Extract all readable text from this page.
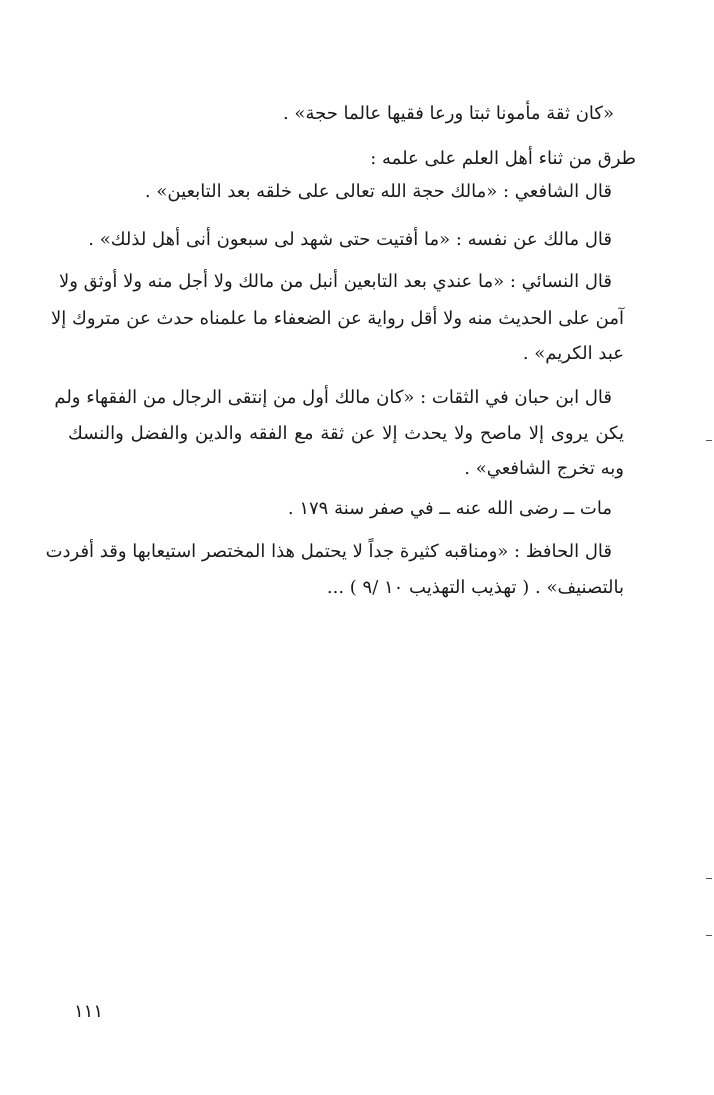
«كان ثقة مأمونا ثبتا ورعا فقيها عالما حجة» .
طرق من ثناء أهل العلم على علمه :
قال الشافعي : «مالك حجة الله تعالى على خلقه بعد التابعين» .
قال مالك عن نفسه : «ما أفتيت حتى شهد لى سبعون أنى أهل لذلك» .
قال النسائي : «ما عندي بعد التابعين أنبل من مالك ولا أجل منه ولا أوثق ولا
آمن على الحديث منه ولا أقل رواية عن الضعفاء ما علمناه حدث عن متروك إلا
عبد الكريم» .
قال ابن حبان في الثقات : «كان مالك أول من إنتقى الرجال من الفقهاء ولم
يكن يروى إلا ماصح ولا يحدث إلا عن ثقة مع الفقه والدين والفضل والنسك
وبه تخرج الشافعي» .
مات ــ رضى الله عنه ــ في صفر سنة ١٧٩ .
قال الحافظ : «ومناقبه كثيرة جداً لا يحتمل هذا المختصر استيعابها وقد أفردت
بالتصنيف» . ( تهذيب التهذيب ١٠ /٩ ) ...
١١١
